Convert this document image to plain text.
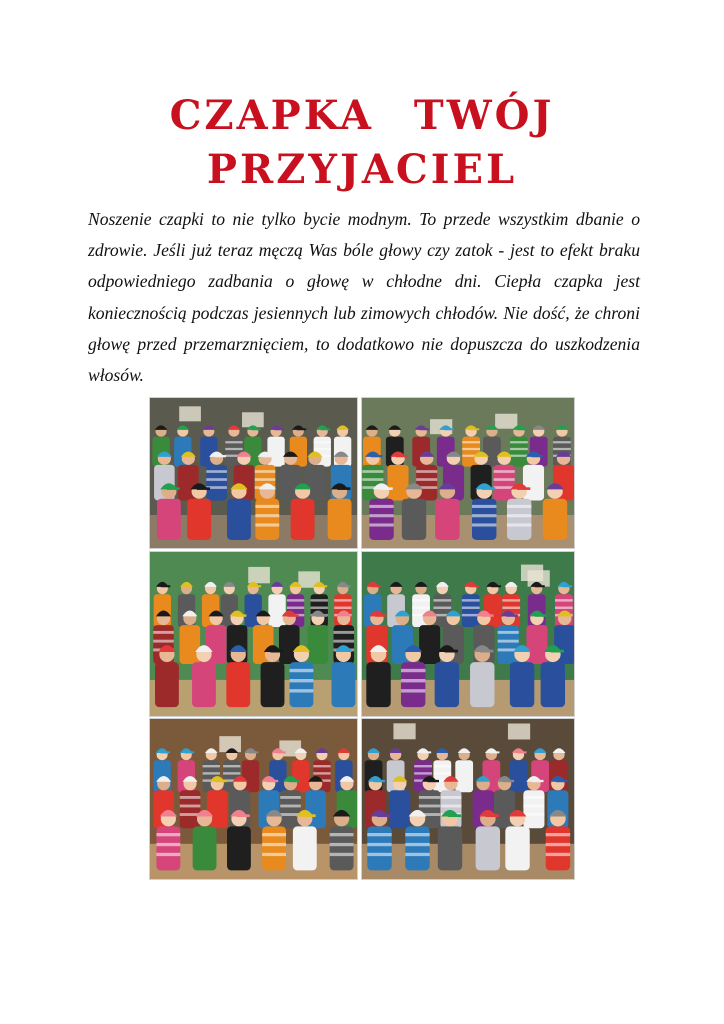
CZAPKA TWÓJ
PRZYJACIEL

Noszenie czapki to nie tylko bycie modnym. To przede wszystkim dbanie o zdrowie. Jeśli już teraz męczą Was bóle głowy czy zatok - jest to efekt braku odpowiedniego zadbania o głowę w chłodne dni. Ciepła czapka jest koniecznością podczas jesiennych lub zimowych chłodów. Nie dość, że chroni głowę przed przemarznięciem, to dodatkowo nie dopuszcza do uszkodzenia włosów.
